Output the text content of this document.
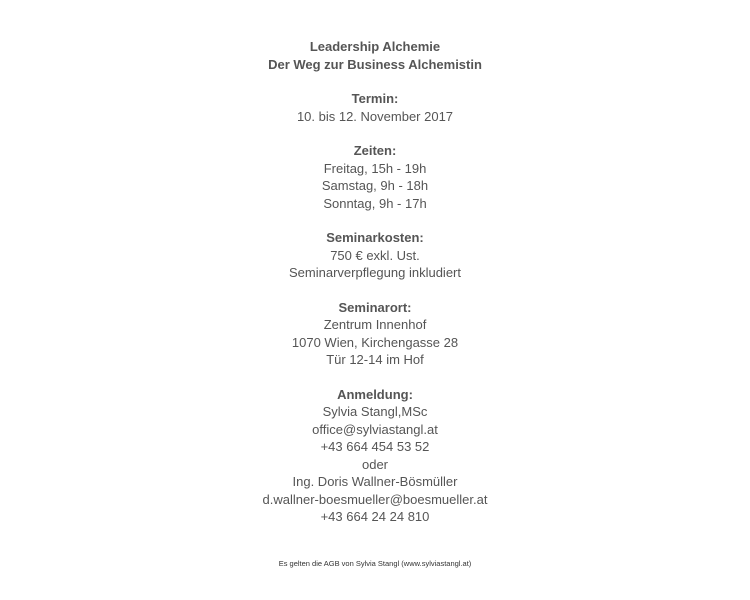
Leadership Alchemie
Der Weg zur Business Alchemistin
Termin:
10. bis 12. November 2017
Zeiten:
Freitag, 15h - 19h
Samstag, 9h - 18h
Sonntag, 9h - 17h
Seminarkosten:
750 € exkl. Ust.
Seminarverpflegung inkludiert
Seminarort:
Zentrum Innenhof
1070 Wien, Kirchengasse 28
Tür 12-14 im Hof
Anmeldung:
Sylvia Stangl,MSc
office@sylviastangl.at
+43 664 454 53 52
oder
Ing. Doris Wallner-Bösmüller
d.wallner-boesmueller@boesmueller.at
+43 664 24 24 810
Es gelten die AGB von Sylvia Stangl (www.sylviastangl.at)
